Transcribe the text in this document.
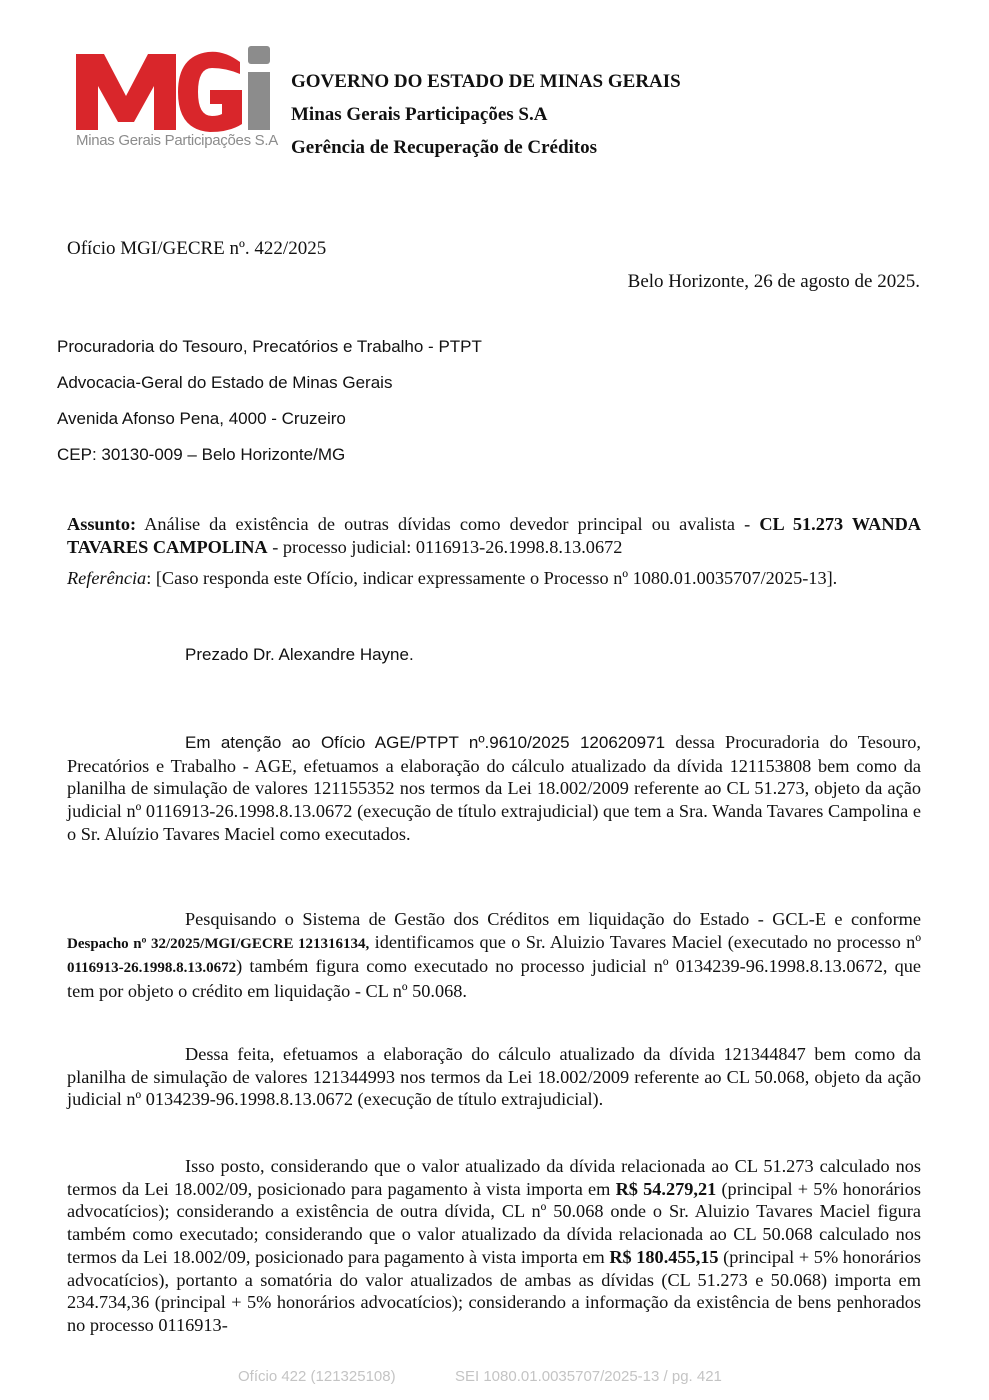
Minas Gerais Participações S.A
GOVERNO DO ESTADO DE MINAS GERAIS
Minas Gerais Participações S.A
Gerência de Recuperação de Créditos
Ofício MGI/GECRE nº. 422/2025
Belo Horizonte, 26 de agosto de 2025.
Procuradoria do Tesouro, Precatórios e Trabalho - PTPT
Advocacia-Geral do Estado de Minas Gerais
Avenida Afonso Pena, 4000 - Cruzeiro
CEP: 30130-009 – Belo Horizonte/MG
Assunto: Análise da existência de outras dívidas como devedor principal ou avalista - CL 51.273 WANDA TAVARES CAMPOLINA - processo judicial: 0116913-26.1998.8.13.0672
Referência: [Caso responda este Ofício, indicar expressamente o Processo nº 1080.01.0035707/2025-13].
Prezado Dr. Alexandre Hayne.
Em atenção ao Ofício AGE/PTPT nº.9610/2025 120620971 dessa Procuradoria do Tesouro, Precatórios e Trabalho - AGE, efetuamos a elaboração do cálculo atualizado da dívida 121153808 bem como da planilha de simulação de valores 121155352 nos termos da Lei 18.002/2009 referente ao CL 51.273, objeto da ação judicial nº 0116913-26.1998.8.13.0672 (execução de título extrajudicial) que tem a Sra. Wanda Tavares Campolina e o Sr. Aluízio Tavares Maciel como executados.
Pesquisando o Sistema de Gestão dos Créditos em liquidação do Estado - GCL-E e conforme Despacho nº 32/2025/MGI/GECRE 121316134, identificamos que o Sr. Aluizio Tavares Maciel (executado no processo nº 0116913-26.1998.8.13.0672) também figura como executado no processo judicial nº 0134239-96.1998.8.13.0672, que tem por objeto o crédito em liquidação - CL nº 50.068.
Dessa feita, efetuamos a elaboração do cálculo atualizado da dívida 121344847 bem como da planilha de simulação de valores 121344993 nos termos da Lei 18.002/2009 referente ao CL 50.068, objeto da ação judicial nº 0134239-96.1998.8.13.0672 (execução de título extrajudicial).
Isso posto, considerando que o valor atualizado da dívida relacionada ao CL 51.273 calculado nos termos da Lei 18.002/09, posicionado para pagamento à vista importa em R$ 54.279,21 (principal + 5% honorários advocatícios); considerando a existência de outra dívida, CL nº 50.068 onde o Sr. Aluizio Tavares Maciel figura também como executado; considerando que o valor atualizado da dívida relacionada ao CL 50.068 calculado nos termos da Lei 18.002/09, posicionado para pagamento à vista importa em R$ 180.455,15 (principal + 5% honorários advocatícios), portanto a somatória do valor atualizados de ambas as dívidas (CL 51.273 e 50.068) importa em 234.734,36 (principal + 5% honorários advocatícios); considerando a informação da existência de bens penhorados no processo 0116913-
Ofício 422 (121325108)	SEI 1080.01.0035707/2025-13 / pg. 421
